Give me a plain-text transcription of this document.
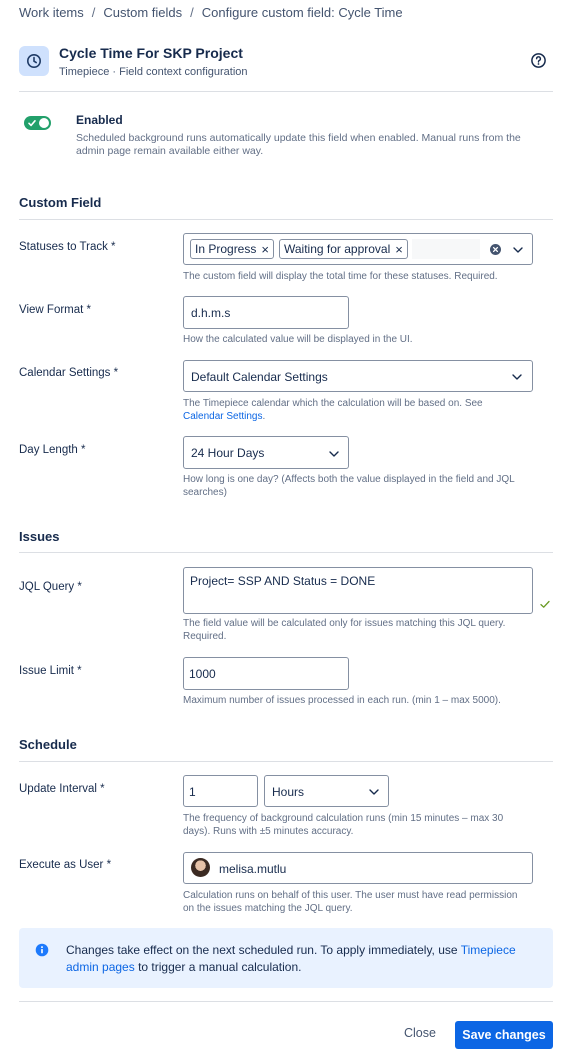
Work items / Custom fields / Configure custom field: Cycle Time
Cycle Time For SKP Project
Timepiece · Field context configuration
Enabled
Scheduled background runs automatically update this field when enabled. Manual runs from the admin page remain available either way.
Custom Field
Statuses to Track *	In Progress × Waiting for approval ×
The custom field will display the total time for these statuses. Required.
View Format *	d.h.m.s
How the calculated value will be displayed in the UI.
Calendar Settings *	Default Calendar Settings
The Timepiece calendar which the calculation will be based on. See
Calendar Settings.
Day Length *	24 Hour Days
How long is one day? (Affects both the value displayed in the field and JQL searches)
Issues
JQL Query *	Project= SSP AND Status = DONE
The field value will be calculated only for issues matching this JQL query. Required.
Issue Limit *	1000
Maximum number of issues processed in each run. (min 1 – max 5000).
Schedule
Update Interval *	1	Hours
The frequency of background calculation runs (min 15 minutes – max 30 days). Runs with ±5 minutes accuracy.
Execute as User *	melisa.mutlu
Calculation runs on behalf of this user. The user must have read permission on the issues matching the JQL query.
Changes take effect on the next scheduled run. To apply immediately, use Timepiece admin pages to trigger a manual calculation.
Close	Save changes
